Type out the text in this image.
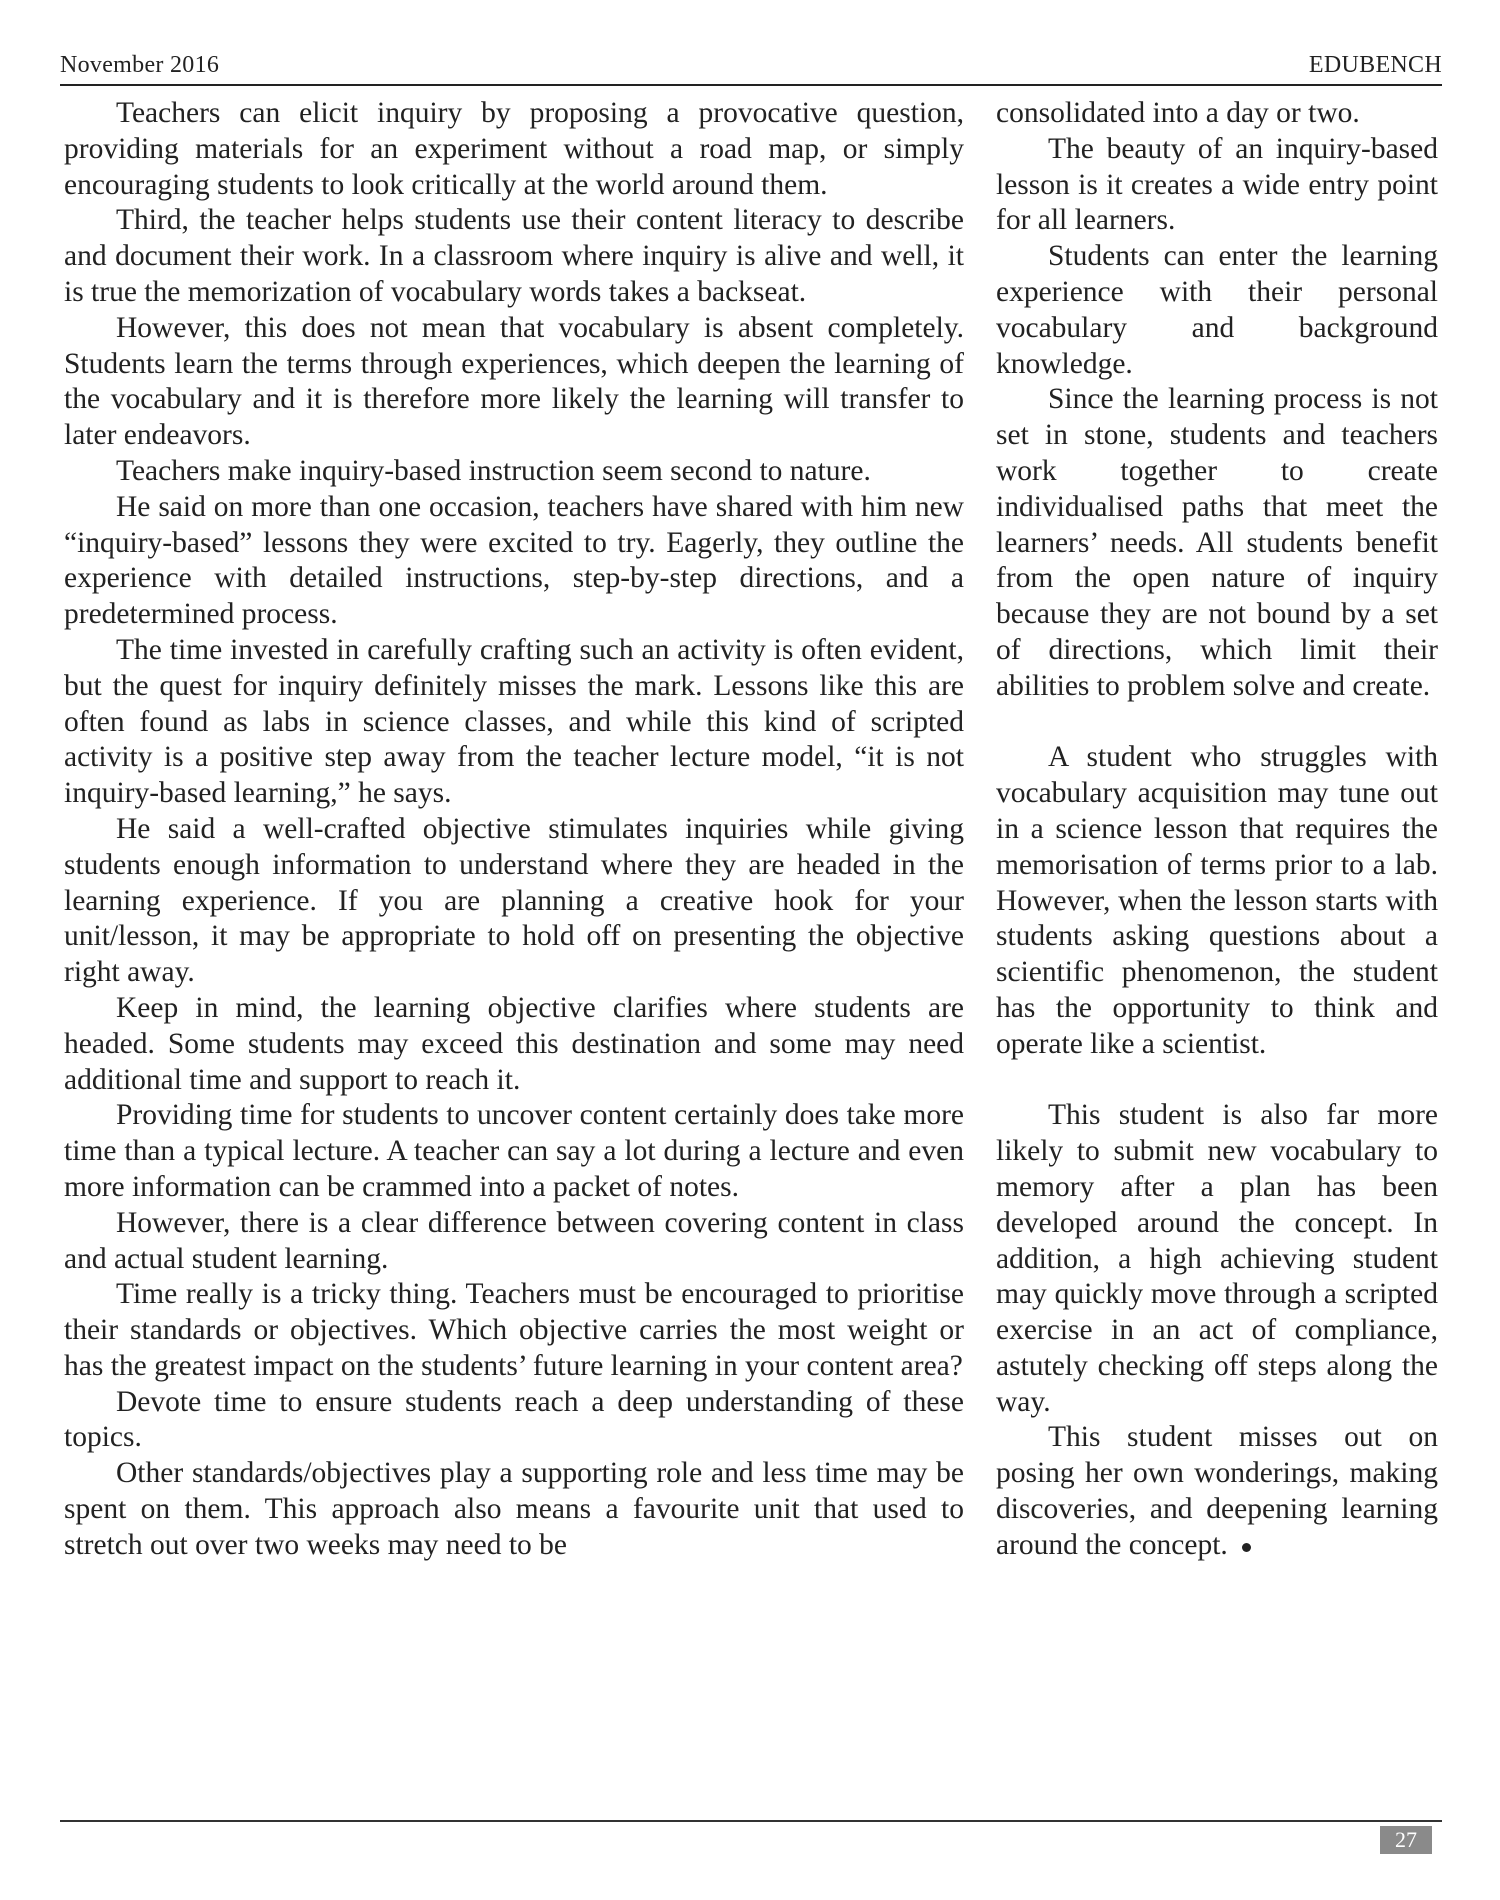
November 2016	EDUBENCH

Teachers can elicit inquiry by proposing a provocative question, providing materials for an experiment without a road map, or simply encouraging students to look critically at the world around them.

Third, the teacher helps students use their content literacy to describe and document their work. In a classroom where inquiry is alive and well, it is true the memorization of vocabulary words takes a backseat.

However, this does not mean that vocabulary is absent completely. Students learn the terms through experiences, which deepen the learning of the vocabulary and it is therefore more likely the learning will transfer to later endeavors.

Teachers make inquiry-based instruction seem second to nature.

He said on more than one occasion, teachers have shared with him new “inquiry-based” lessons they were excited to try. Eagerly, they outline the experience with detailed instructions, step-by-step directions, and a predetermined process.

The time invested in carefully crafting such an activity is often evident, but the quest for inquiry definitely misses the mark. Lessons like this are often found as labs in science classes, and while this kind of scripted activity is a positive step away from the teacher lecture model, “it is not inquiry-based learning,” he says.

He said a well-crafted objective stimulates inquiries while giving students enough information to understand where they are headed in the learning experience. If you are planning a creative hook for your unit/lesson, it may be appropriate to hold off on presenting the objective right away.

Keep in mind, the learning objective clarifies where students are headed. Some students may exceed this destination and some may need additional time and support to reach it.

Providing time for students to uncover content certainly does take more time than a typical lecture. A teacher can say a lot during a lecture and even more information can be crammed into a packet of notes.

However, there is a clear difference between covering content in class and actual student learning.

Time really is a tricky thing. Teachers must be encouraged to prioritise their standards or objectives. Which objective carries the most weight or has the greatest impact on the students’ future learning in your content area?

Devote time to ensure students reach a deep understanding of these topics.

Other standards/objectives play a supporting role and less time may be spent on them. This approach also means a favourite unit that used to stretch out over two weeks may need to be

consolidated into a day or two.

The beauty of an inquiry-based lesson is it creates a wide entry point for all learners.

Students can enter the learning experience with their personal vocabulary and background knowledge.

Since the learning process is not set in stone, students and teachers work together to create individualised paths that meet the learners’ needs. All students benefit from the open nature of inquiry because they are not bound by a set of directions, which limit their abilities to problem solve and create.

A student who struggles with vocabulary acquisition may tune out in a science lesson that requires the memorisation of terms prior to a lab. However, when the lesson starts with students asking questions about a scientific phenomenon, the student has the opportunity to think and operate like a scientist.

This student is also far more likely to submit new vocabulary to memory after a plan has been developed around the concept. In addition, a high achieving student may quickly move through a scripted exercise in an act of compliance, astutely checking off steps along the way.

This student misses out on posing her own wonderings, making discoveries, and deepening learning around the concept.

27
